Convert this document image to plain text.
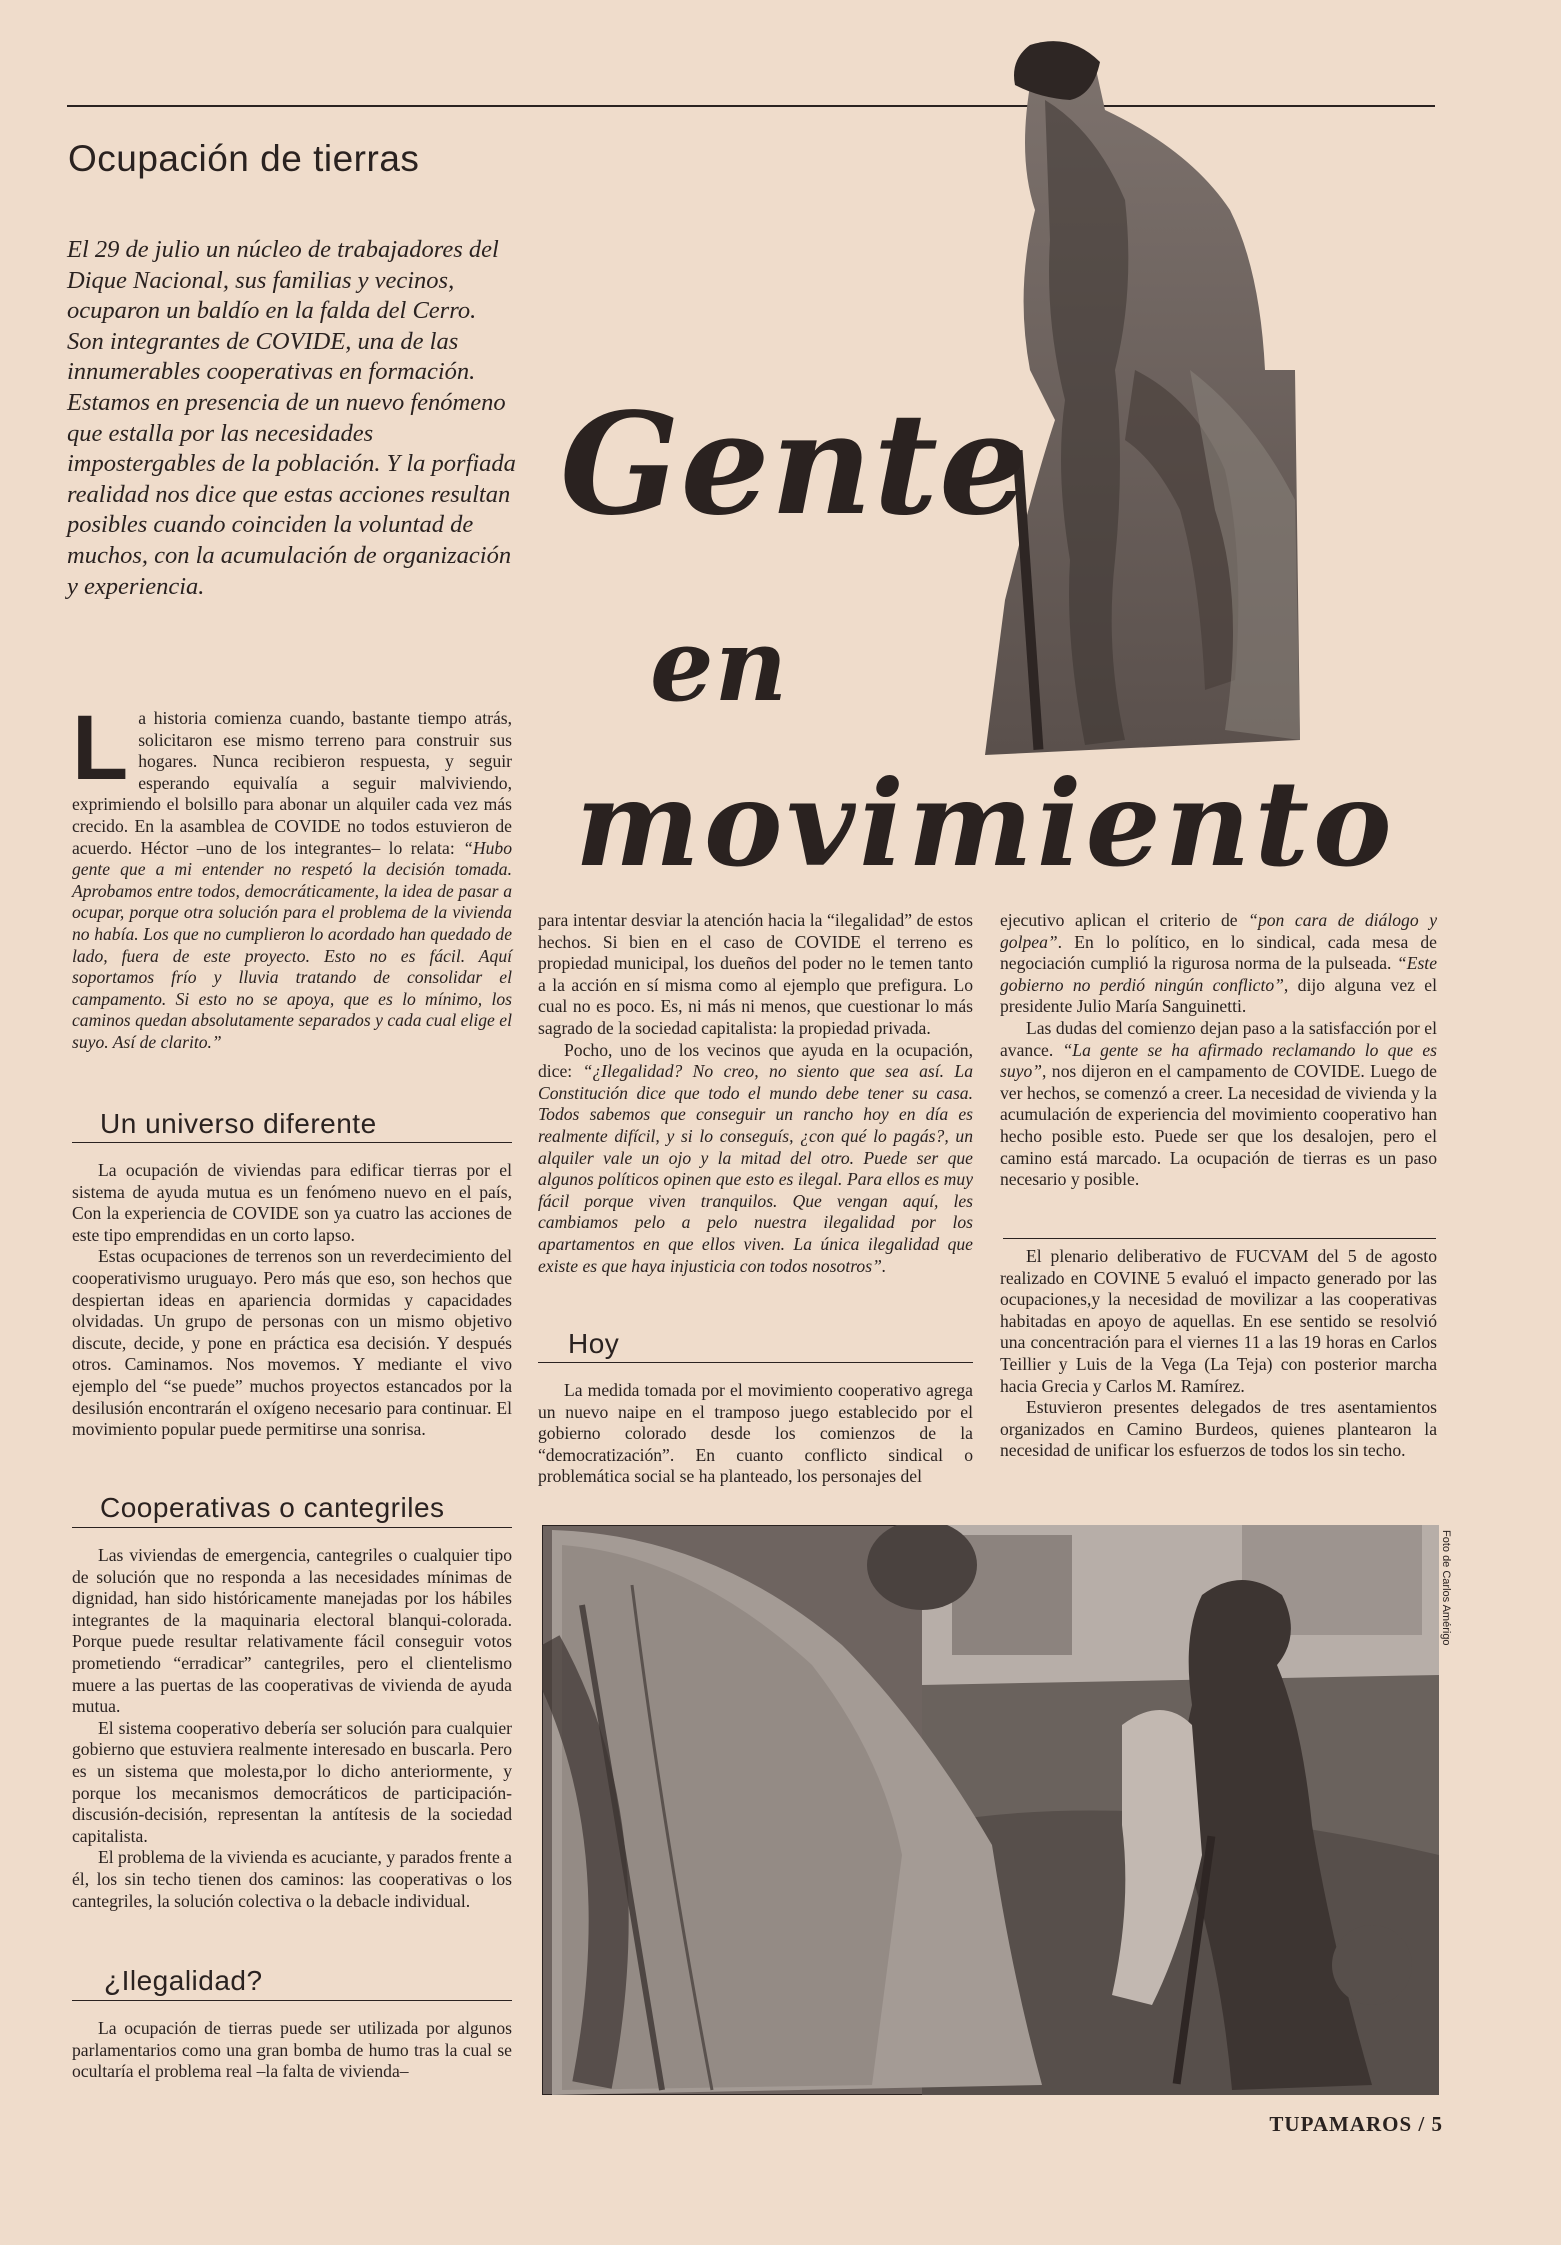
Ocupación de tierras
El 29 de julio un núcleo de trabajadores del Dique Nacional, sus familias y vecinos, ocuparon un baldío en la falda del Cerro. Son integrantes de COVIDE, una de las innumerables cooperativas en formación. Estamos en presencia de un nuevo fenómeno que estalla por las necesidades impostergables de la población. Y la porfiada realidad nos dice que estas acciones resultan posibles cuando coinciden la voluntad de muchos, con la acumulación de organización y experiencia.
Gente
en
movimiento

La historia comienza cuando, bastante tiempo atrás, solicitaron ese mismo terreno para construir sus hogares. Nunca recibieron respuesta, y seguir esperando equivalía a seguir malviviendo, exprimiendo el bolsillo para abonar un alquiler cada vez más crecido. En la asamblea de COVIDE no todos estuvieron de acuerdo. Héctor –uno de los integrantes– lo relata: “Hubo gente que a mi entender no respetó la decisión tomada. Aprobamos entre todos, democráticamente, la idea de pasar a ocupar, porque otra solución para el problema de la vivienda no había. Los que no cumplieron lo acordado han quedado de lado, fuera de este proyecto. Esto no es fácil. Aquí soportamos frío y lluvia tratando de consolidar el campamento. Si esto no se apoya, que es lo mínimo, los caminos quedan absolutamente separados y cada cual elige el suyo. Así de clarito.”

Un universo diferente

La ocupación de viviendas para edificar tierras por el sistema de ayuda mutua es un fenómeno nuevo en el país, Con la experiencia de COVIDE son ya cuatro las acciones de este tipo emprendidas en un corto lapso.

Estas ocupaciones de terrenos son un reverdecimiento del cooperativismo uruguayo. Pero más que eso, son hechos que despiertan ideas en apariencia dormidas y capacidades olvidadas. Un grupo de personas con un mismo objetivo discute, decide, y pone en práctica esa decisión. Y después otros. Caminamos. Nos movemos. Y mediante el vivo ejemplo del “se puede” muchos proyectos estancados por la desilusión encontrarán el oxígeno necesario para continuar. El movimiento popular puede permitirse una sonrisa.

Cooperativas o cantegriles

Las viviendas de emergencia, cantegriles o cualquier tipo de solución que no responda a las necesidades mínimas de dignidad, han sido históricamente manejadas por los hábiles integrantes de la maquinaria electoral blanqui-colorada. Porque puede resultar relativamente fácil conseguir votos prometiendo “erradicar” cantegriles, pero el clientelismo muere a las puertas de las cooperativas de vivienda de ayuda mutua.

El sistema cooperativo debería ser solución para cualquier gobierno que estuviera realmente interesado en buscarla. Pero es un sistema que molesta,por lo dicho anteriormente, y porque los mecanismos democráticos de participación-discusión-decisión, representan la antítesis de la sociedad capitalista.

El problema de la vivienda es acuciante, y parados frente a él, los sin techo tienen dos caminos: las cooperativas o los cantegriles, la solución colectiva o la debacle individual.

¿Ilegalidad?

La ocupación de tierras puede ser utilizada por algunos parlamentarios como una gran bomba de humo tras la cual se ocultaría el problema real –la falta de vivienda–

para intentar desviar la atención hacia la “ilegalidad” de estos hechos. Si bien en el caso de COVIDE el terreno es propiedad municipal, los dueños del poder no le temen tanto a la acción en sí misma como al ejemplo que prefigura. Lo cual no es poco. Es, ni más ni menos, que cuestionar lo más sagrado de la sociedad capitalista: la propiedad privada.

Pocho, uno de los vecinos que ayuda en la ocupación, dice: “¿Ilegalidad? No creo, no siento que sea así. La Constitución dice que todo el mundo debe tener su casa. Todos sabemos que conseguir un rancho hoy en día es realmente difícil, y si lo conseguís, ¿con qué lo pagás?, un alquiler vale un ojo y la mitad del otro. Puede ser que algunos políticos opinen que esto es ilegal. Para ellos es muy fácil porque viven tranquilos. Que vengan aquí, les cambiamos pelo a pelo nuestra ilegalidad por los apartamentos en que ellos viven. La única ilegalidad que existe es que haya injusticia con todos nosotros”.

Hoy

La medida tomada por el movimiento cooperativo agrega un nuevo naipe en el tramposo juego establecido por el gobierno colorado desde los comienzos de la “democratización”. En cuanto conflicto sindical o problemática social se ha planteado, los personajes del

ejecutivo aplican el criterio de “pon cara de diálogo y golpea”. En lo político, en lo sindical, cada mesa de negociación cumplió la rigurosa norma de la pulseada. “Este gobierno no perdió ningún conflicto”, dijo alguna vez el presidente Julio María Sanguinetti.

Las dudas del comienzo dejan paso a la satisfacción por el avance. “La gente se ha afirmado reclamando lo que es suyo”, nos dijeron en el campamento de COVIDE. Luego de ver hechos, se comenzó a creer. La necesidad de vivienda y la acumulación de experiencia del movimiento cooperativo han hecho posible esto. Puede ser que los desalojen, pero el camino está marcado. La ocupación de tierras es un paso necesario y posible.

El plenario deliberativo de FUCVAM del 5 de agosto realizado en COVINE 5 evaluó el impacto generado por las ocupaciones,y la necesidad de movilizar a las cooperativas habitadas en apoyo de aquellas. En ese sentido se resolvió una concentración para el viernes 11 a las 19 horas en Carlos Teillier y Luis de la Vega (La Teja) con posterior marcha hacia Grecia y Carlos M. Ramírez.

Estuvieron presentes delegados de tres asentamientos organizados en Camino Burdeos, quienes plantearon la necesidad de unificar los esfuerzos de todos los sin techo.

Foto de Carlos Amérigo
TUPAMAROS / 5
